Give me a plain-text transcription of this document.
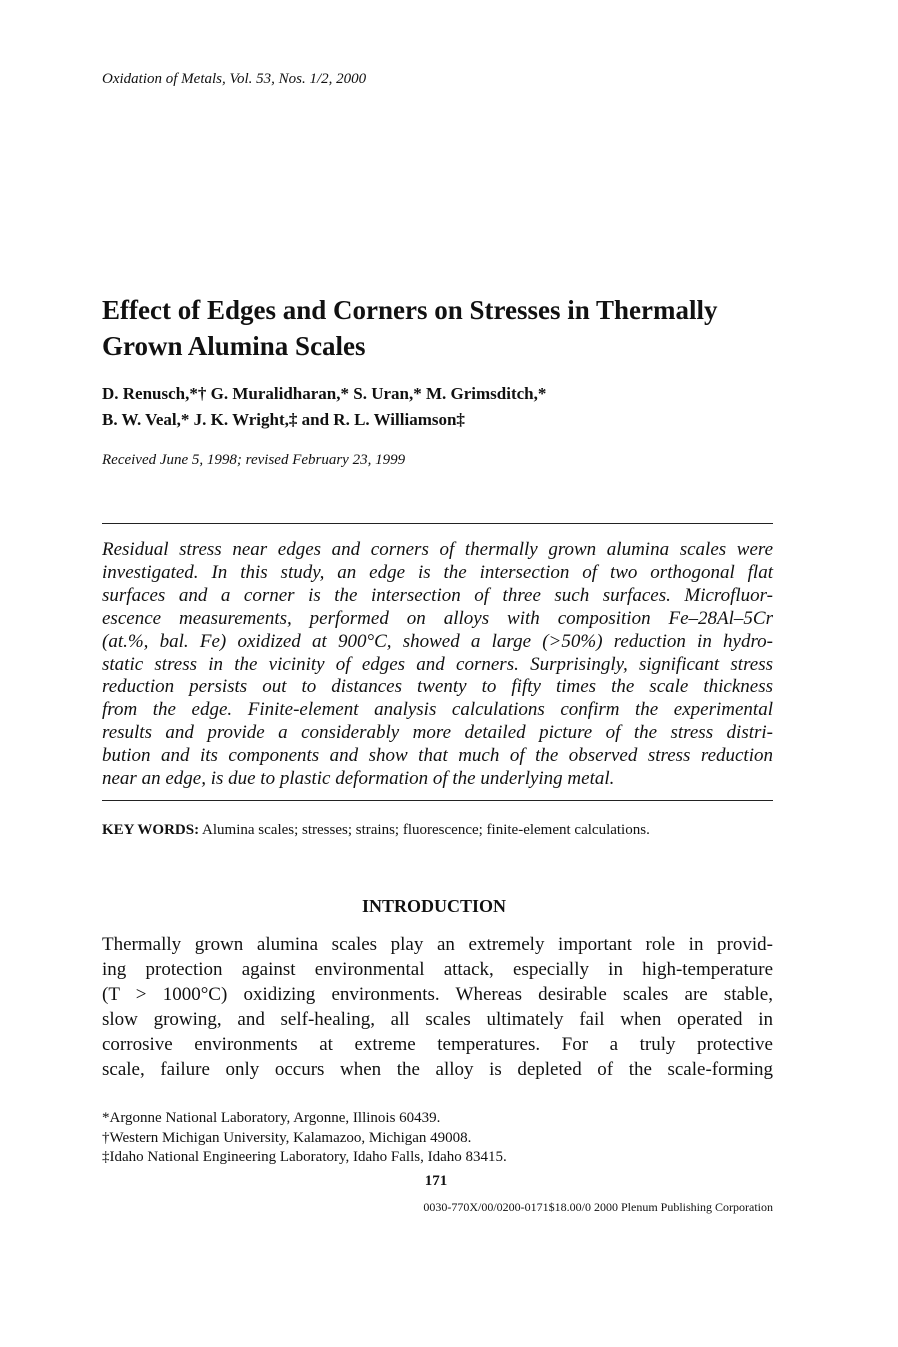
Oxidation of Metals, Vol. 53, Nos. 1/2, 2000
Effect of Edges and Corners on Stresses in Thermally
Grown Alumina Scales
D. Renusch,*† G. Muralidharan,* S. Uran,* M. Grimsditch,*
B. W. Veal,* J. K. Wright,‡ and R. L. Williamson‡
Received June 5, 1998; revised February 23, 1999
Residual stress near edges and corners of thermally grown alumina scales were
investigated. In this study, an edge is the intersection of two orthogonal flat
surfaces and a corner is the intersection of three such surfaces. Microfluor-
escence measurements, performed on alloys with composition Fe–28Al–5Cr
(at.%, bal. Fe) oxidized at 900°C, showed a large (>50%) reduction in hydro-
static stress in the vicinity of edges and corners. Surprisingly, significant stress
reduction persists out to distances twenty to fifty times the scale thickness
from the edge. Finite-element analysis calculations confirm the experimental
results and provide a considerably more detailed picture of the stress distri-
bution and its components and show that much of the observed stress reduction
near an edge, is due to plastic deformation of the underlying metal.
KEY WORDS: Alumina scales; stresses; strains; fluorescence; finite-element calculations.
INTRODUCTION
Thermally grown alumina scales play an extremely important role in provid-
ing protection against environmental attack, especially in high-temperature
(T > 1000°C) oxidizing environments. Whereas desirable scales are stable,
slow growing, and self-healing, all scales ultimately fail when operated in
corrosive environments at extreme temperatures. For a truly protective
scale, failure only occurs when the alloy is depleted of the scale-forming
*Argonne National Laboratory, Argonne, Illinois 60439.
†Western Michigan University, Kalamazoo, Michigan 49008.
‡Idaho National Engineering Laboratory, Idaho Falls, Idaho 83415.
171
0030-770X/00/0200-0171$18.00/0 2000 Plenum Publishing Corporation
